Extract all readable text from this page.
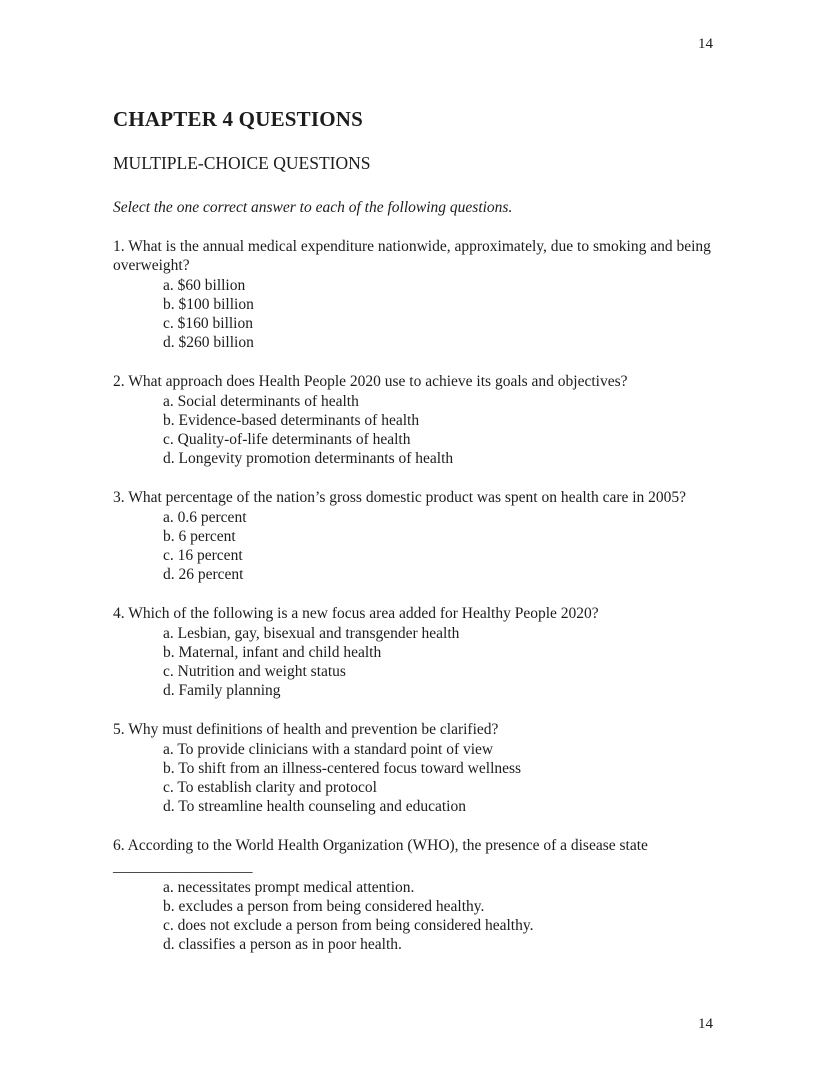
14
CHAPTER 4 QUESTIONS
MULTIPLE-CHOICE QUESTIONS

Select the one correct answer to each of the following questions.

1. What is the annual medical expenditure nationwide, approximately, due to smoking and being overweight?

a. $60 billion

b. $100 billion

c. $160 billion

d. $260 billion

2. What approach does Health People 2020 use to achieve its goals and objectives?

a. Social determinants of health

b. Evidence-based determinants of health

c. Quality-of-life determinants of health

d. Longevity promotion determinants of health

3. What percentage of the nation’s gross domestic product was spent on health care in 2005?

a. 0.6 percent

b. 6 percent

c. 16 percent

d. 26 percent

4. Which of the following is a new focus area added for Healthy People 2020?

a. Lesbian, gay, bisexual and transgender health

b. Maternal, infant and child health

c. Nutrition and weight status

d. Family planning

5. Why must definitions of health and prevention be clarified?

a. To provide clinicians with a standard point of view

b. To shift from an illness-centered focus toward wellness

c. To establish clarity and protocol

d. To streamline health counseling and education

6. According to the World Health Organization (WHO), the presence of a disease state

__________________

a. necessitates prompt medical attention.

b. excludes a person from being considered healthy.

c. does not exclude a person from being considered healthy.

d. classifies a person as in poor health.

14
